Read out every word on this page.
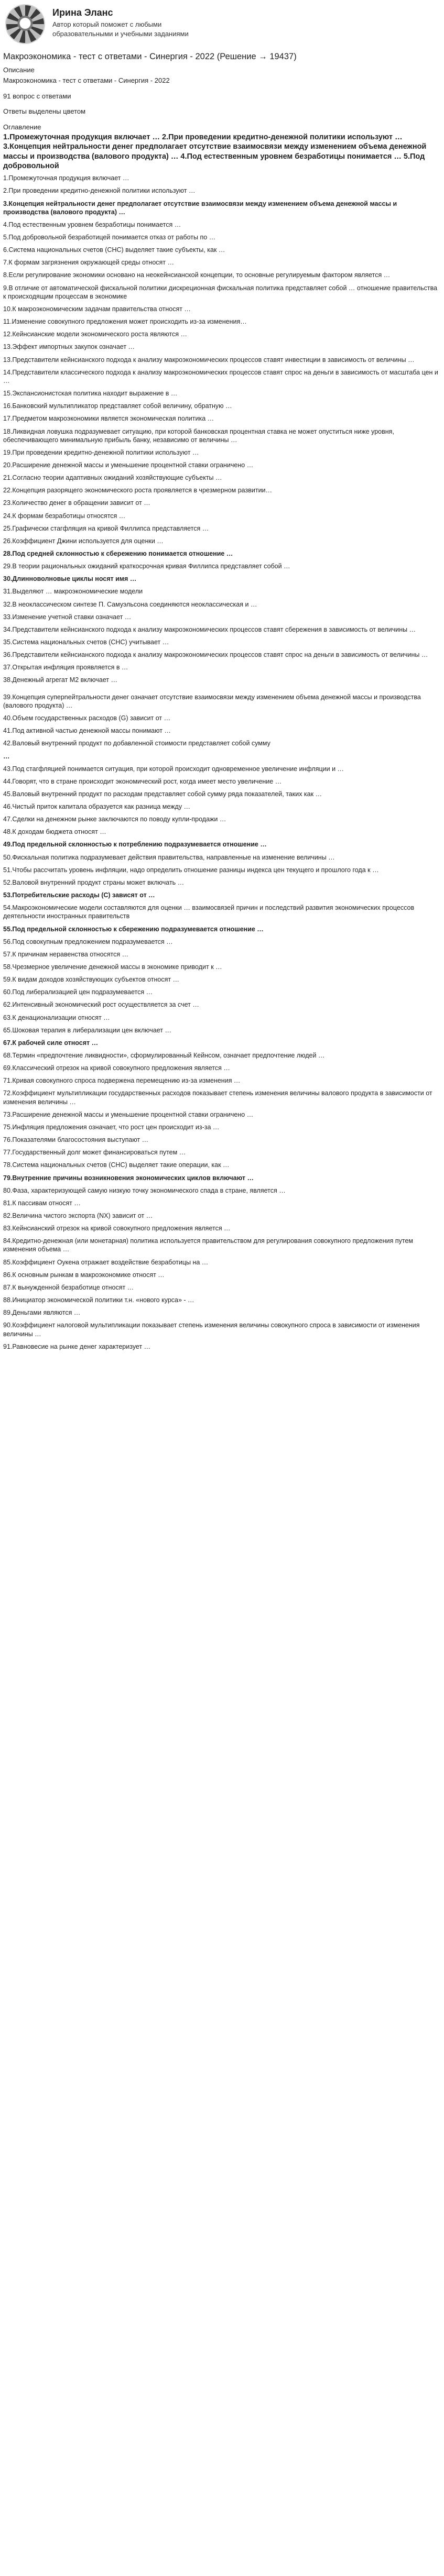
Ирина Эланс
Автор который поможет с любыми образовательными и учебными заданиями
Макроэкономика - тест с ответами - Синергия - 2022 (Решение → 19437)
Описание
Макроэкономика - тест с ответами - Синергия - 2022
91 вопрос с ответами
Ответы выделены цветом
Оглавление
1.Промежуточная продукция включает … 2.При проведении кредитно-денежной политики используют … 3.Концепция нейтральности денег предполагает отсутствие взаимосвязи между изменением объема денежной массы и производства (валового продукта) … 4.Под естественным уровнем безработицы понимается … 5.Под добровольной
1.Промежуточная продукция включает …
2.При проведении кредитно-денежной политики используют …
3.Концепция нейтральности денег предполагает отсутствие взаимосвязи между изменением объема денежной массы и производства (валового продукта) …
4.Под естественным уровнем безработицы понимается …
5.Под добровольной безработицей понимается отказ от работы по …
6.Система национальных счетов (СНС) выделяет такие субъекты, как …
7.К формам загрязнения окружающей среды относят …
8.Если регулирование экономики основано на неокейнсианской концепции, то основные регулируемым фактором является …
9.В отличие от автоматической фискальной политики дискреционная фискальная политика представляет собой … отношение правительства к происходящим процессам в экономике
10.К макроэкономическим задачам правительства относят …
11.Изменение совокупного предложения может происходить из-за изменения…
12.Кейнсианские модели экономического роста являются …
13.Эффект импортных закупок означает …
13.Представители кейнсианского подхода к анализу макроэкономических процессов ставят инвестиции в зависимость от величины …
14.Представители классического подхода к анализу макроэкономических процессов ставят спрос на деньги в зависимость от масштаба цен и …
15.Экспансионистская политика находит выражение в …
16.Банковский мультипликатор представляет собой величину, обратную …
17.Предметом макроэкономики является экономическая политика …
18.Ликвидная ловушка подразумевает ситуацию, при которой банковская процентная ставка не может опуститься ниже уровня, обеспечивающего минимальную прибыль банку, независимо от величины …
19.При проведении кредитно-денежной политики используют …
20.Расширение денежной массы и уменьшение процентной ставки ограничено …
21.Согласно теории адаптивных ожиданий хозяйствующие субъекты …
22.Концепция разорящего экономического роста проявляется в чрезмерном развитии…
23.Количество денег в обращении зависит от …
24.К формам безработицы относятся …
25.Графически стагфляция на кривой Филлипса представляется …
26.Коэффициент Джини используется для оценки …
28.Под средней склонностью к сбережению понимается отношение …
29.В теории рациональных ожиданий краткосрочная кривая Филлипса представляет собой …
30.Длинноволновые циклы носят имя …
31.Выделяют … макроэкономические модели
32.В неоклассическом синтезе П. Самуэльсона соединяются неоклассическая и …
33.Изменение учетной ставки означает …
34.Представители кейнсианского подхода к анализу макроэкономических процессов ставят сбережения в зависимость от величины …
35.Система национальных счетов (СНС) учитывает …
36.Представители кейнсианского подхода к анализу макроэкономических процессов ставят спрос на деньги в зависимость от величины …
37.Открытая инфляция проявляется в …
38.Денежный агрегат М2 включает …
39.Концепция суперnейтральности денег означает отсутствие взаимосвязи между изменением объема денежной массы и производства (валового продукта) …
40.Объем государственных расходов (G) зависит от …
41.Под активной частью денежной массы понимают …
42.Валовый внутренний продукт по добавленной стоимости представляет собой сумму
…
43.Под стагфляцией понимается ситуация, при которой происходит одновременное увеличение инфляции и …
44.Говорят, что в стране происходит экономический рост, когда имеет место увеличение …
45.Валовый внутренний продукт по расходам представляет собой сумму ряда показателей, таких как …
46.Чистый приток капитала образуется как разница между …
47.Сделки на денежном рынке заключаются по поводу купли-продажи …
48.К доходам бюджета относят …
49.Под предельной склонностью к потреблению подразумевается отношение …
50.Фискальная политика подразумевает действия правительства, направленные на изменение величины …
51.Чтобы рассчитать уровень инфляции, надо определить отношение разницы индекса цен текущего и прошлого года к …
52.Валовой внутренний продукт страны может включать …
53.Потребительские расходы (С) зависят от …
54.Макроэкономические модели составляются для оценки … взаимосвязей причин и последствий развития экономических процессов деятельности иностранных правительств
55.Под предельной склонностью к сбережению подразумевается отношение …
56.Под совокупным предложением подразумевается …
57.К причинам неравенства относятся …
58.Чрезмерное увеличение денежной массы в экономике приводит к …
59.К видам доходов хозяйствующих субъектов относят …
60.Под либерализацией цен подразумевается …
62.Интенсивный экономический рост осуществляется за счет …
63.К денационализации относят …
65.Шоковая терапия в либерализации цен включает …
67.К рабочей силе относят …
68.Термин «предпочтение ликвидности», сформулированный Кейнсом, означает предпочтение людей …
69.Классический отрезок на кривой совокупного предложения является …
71.Кривая совокупного спроса подвержена перемещению из-за изменения …
72.Коэффициент мультипликации государственных расходов показывает степень изменения величины валового продукта в зависимости от изменения величины …
73.Расширение денежной массы и уменьшение процентной ставки ограничено …
75.Инфляция предложения означает, что рост цен происходит из-за …
76.Показателями благосостояния выступают …
77.Государственный долг может финансироваться путем …
78.Система национальных счетов (СНС) выделяет такие операции, как …
79.Внутренние причины возникновения экономических циклов включают …
80.Фаза, характеризующей самую низкую точку экономического спада в стране, является …
81.К пассивам относят …
82.Величина чистого экспорта (NX) зависит от …
83.Кейнсианский отрезок на кривой совокупного предложения является …
84.Кредитно-денежная (или монетарная) политика используется правительством для регулирования совокупного предложения путем изменения объема …
85.Коэффициент Оукена отражает воздействие безработицы на …
86.К основным рынкам в макроэкономике относят …
87.К вынужденной безработице относят …
88.Инициатор экономической политики т.н. «нового курса» - …
89.Деньгами являются …
90.Коэффициент налоговой мультипликации показывает степень изменения величины совокупного спроса в зависимости от изменения величины …
91.Равновесие на рынке денег характеризует …
